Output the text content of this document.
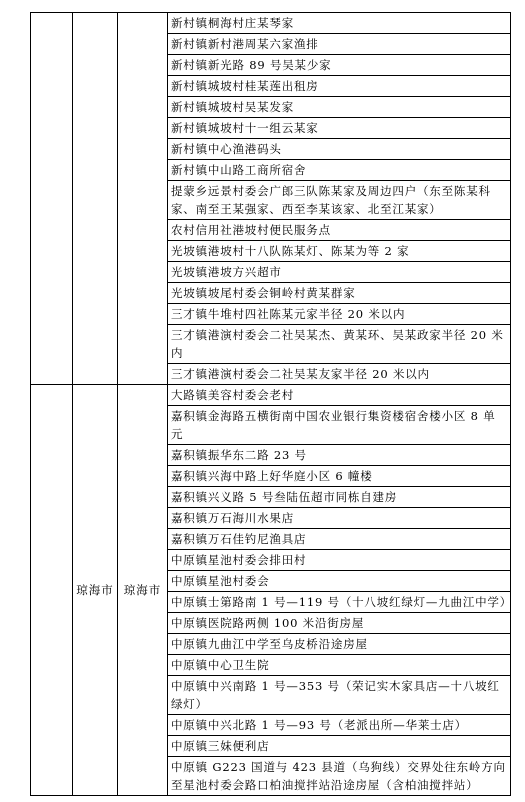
			新村镇桐海村庄某琴家
			新村镇新村港周某六家渔排
			新村镇新光路 89 号吴某少家
			新村镇城坡村桂某莲出租房
			新村镇城坡村吴某发家
			新村镇城坡村十一组云某家
			新村镇中心渔港码头
			新村镇中山路工商所宿舍
			提蒙乡远景村委会广郎三队陈某家及周边四户（东至陈某科家、南至王某强家、西至李某该家、北至江某家）
			农村信用社港坡村便民服务点
			光坡镇港坡村十八队陈某灯、陈某为等 2 家
			光坡镇港坡方兴超市
			光坡镇坡尾村委会铜岭村黄某群家
			三才镇牛堆村四社陈某元家半径 20 米以内
			三才镇港演村委会二社吴某杰、黄某环、吴某政家半径 20 米内
			三才镇港演村委会二社吴某友家半径 20 米以内
	琼海市	琼海市	大路镇美容村委会老村
			嘉积镇金海路五横街南中国农业银行集资楼宿舍楼小区 8 单元
			嘉积镇振华东二路 23 号
			嘉积镇兴海中路上好华庭小区 6 幢楼
			嘉积镇兴义路 5 号叁陆伍超市同栋自建房
			嘉积镇万石海川水果店
			嘉积镇万石佳钓尼渔具店
			中原镇星池村委会排田村
			中原镇星池村委会
			中原镇士第路南 1 号—119 号（十八坡红绿灯—九曲江中学）
			中原镇医院路两侧 100 米沿街房屋
			中原镇九曲江中学至乌皮桥沿途房屋
			中原镇中心卫生院
			中原镇中兴南路 1 号—353 号（荣记实木家具店—十八坡红绿灯）
			中原镇中兴北路 1 号—93 号（老派出所—华莱士店）
			中原镇三妹便利店
			中原镇 G223 国道与 423 县道（乌狗线）交界处往东岭方向至星池村委会路口柏油搅拌站沿途房屋（含柏油搅拌站）
